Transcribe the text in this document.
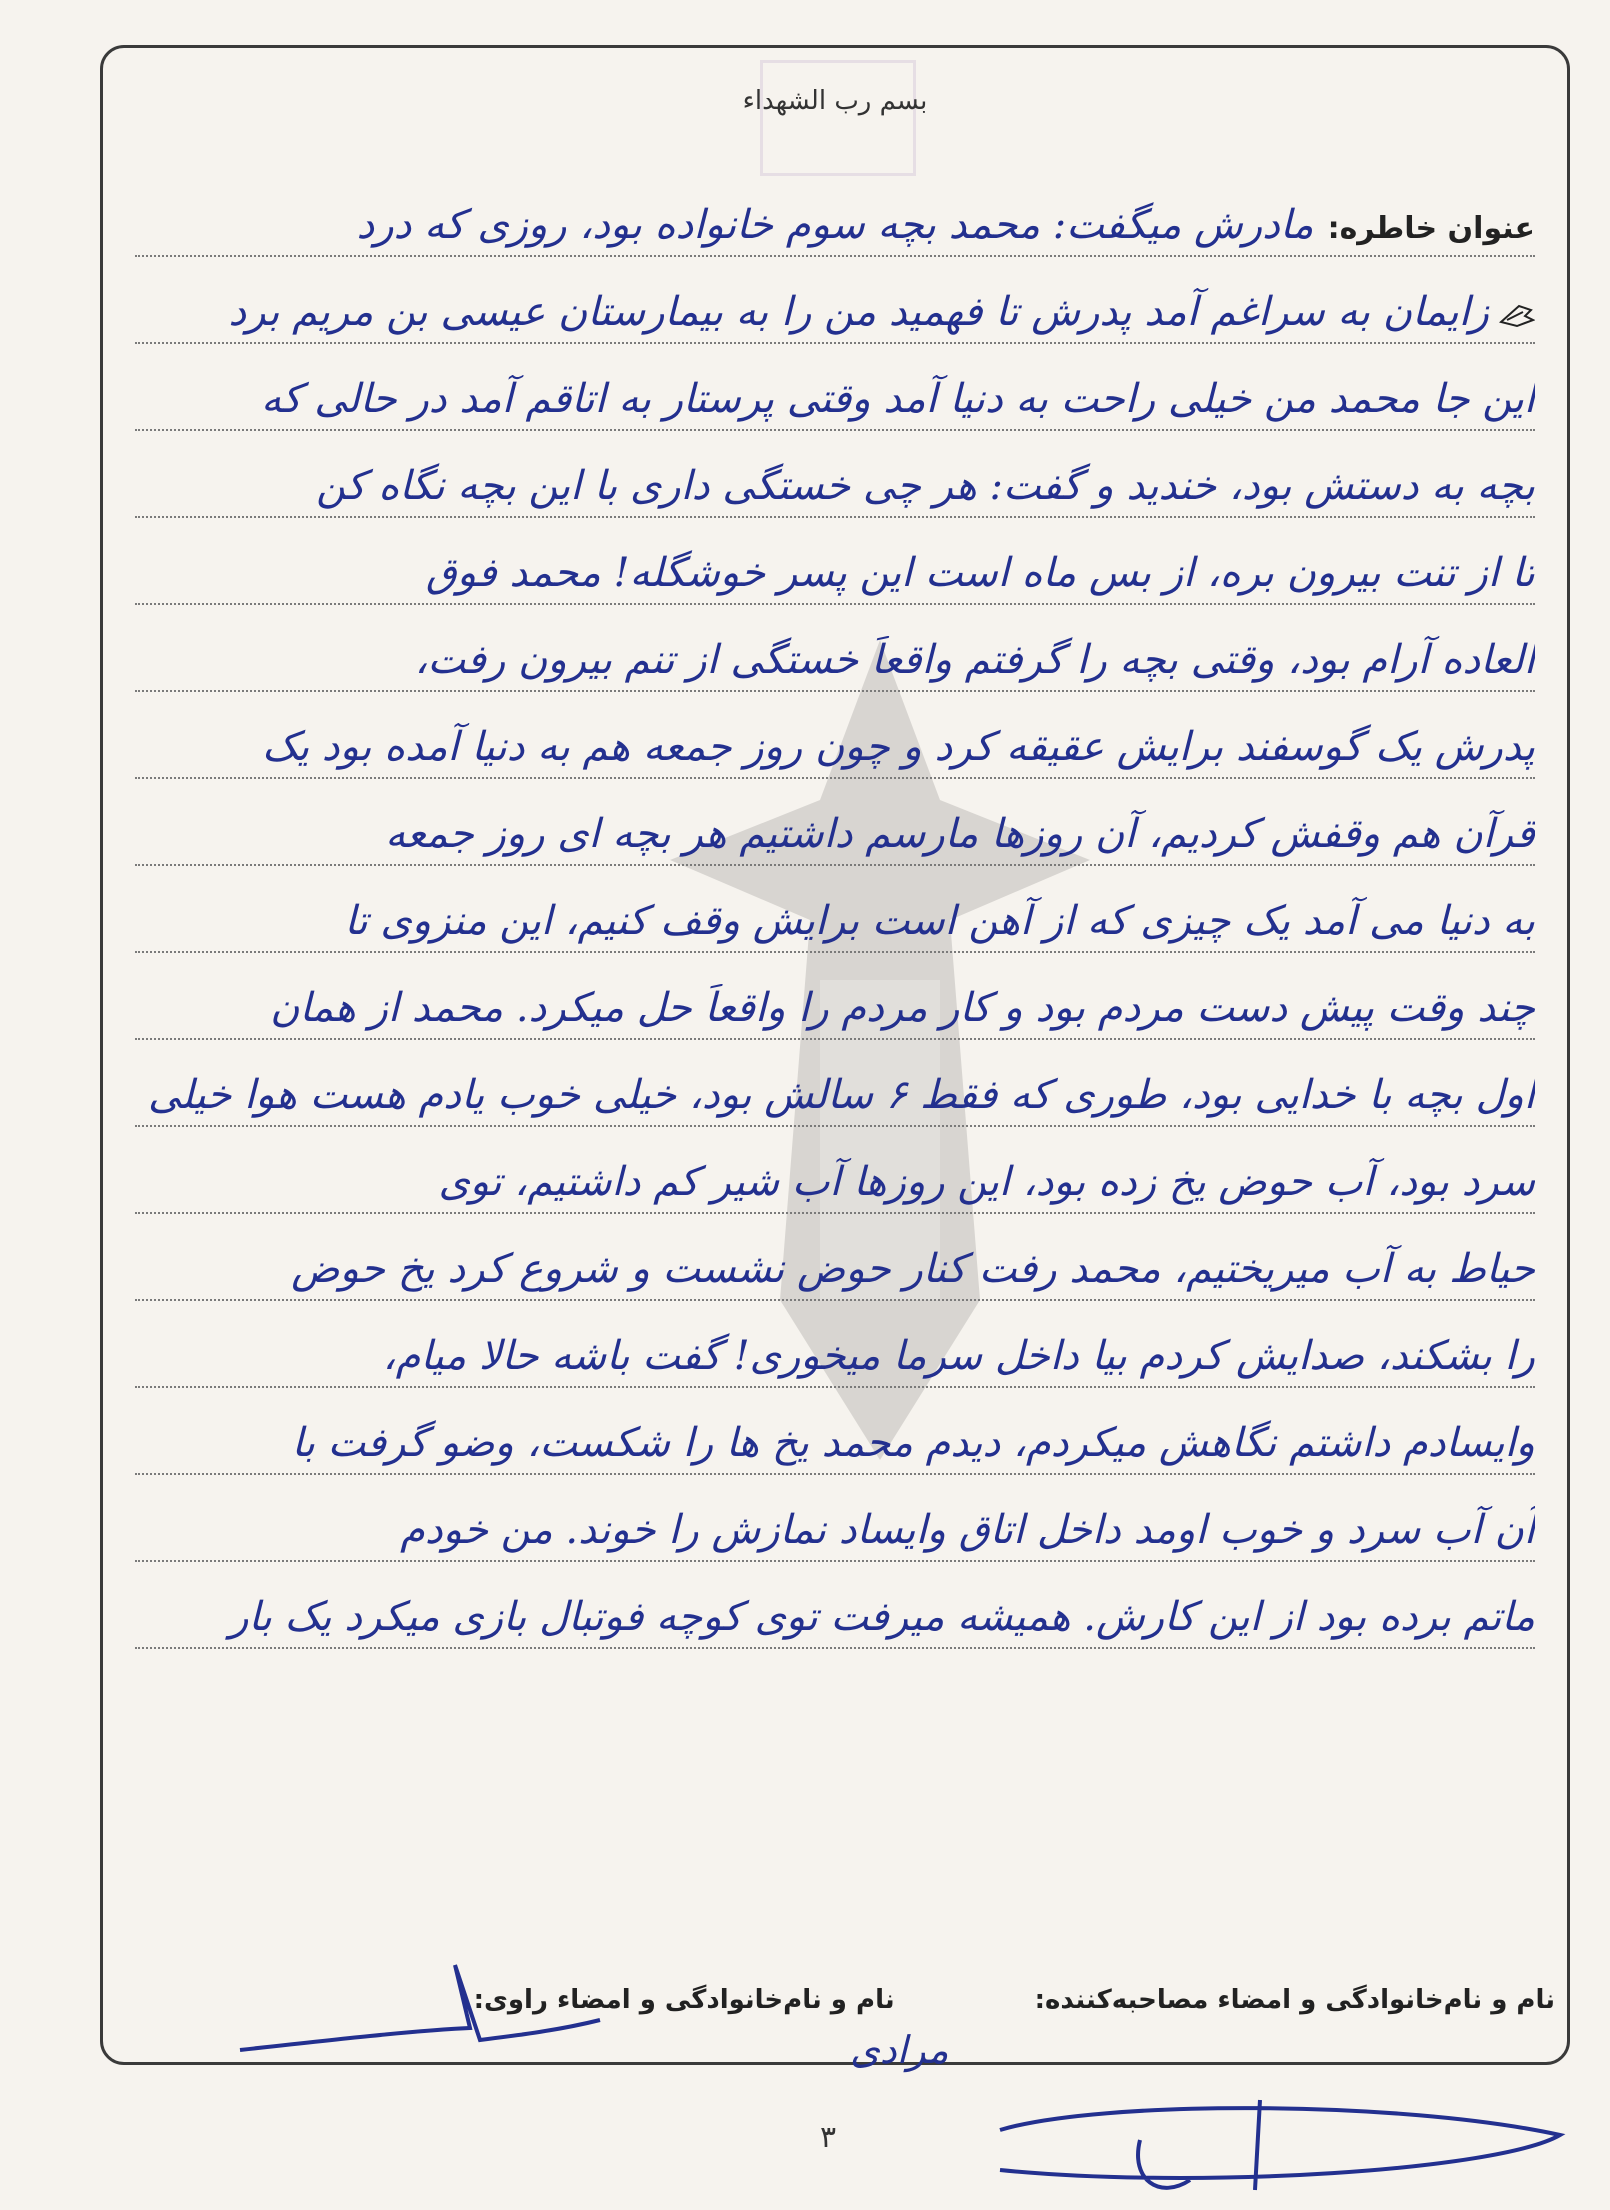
بسم رب الشهداء
عنوان خاطره:مادرش میگفت: محمد بچه سوم خانواده بود، روزی که درد
زایمان به سراغم آمد پدرش تا فهمید من را به بیمارستان عیسی بن مریم برد
این جا محمد من خیلی راحت به دنیا آمد وقتی پرستار به اتاقم آمد در حالی که
بچه به دستش بود، خندید و گفت: هر چی خستگی داری با این بچه نگاه کن
تا از تنت بیرون بره، از بس ماه است این پسر خوشگله! محمد فوق
العاده آرام بود، وقتی بچه را گرفتم واقعاً خستگی از تنم بیرون رفت،
پدرش یک گوسفند برایش عقیقه کرد و چون روز جمعه هم به دنیا آمده بود یک
قرآن هم وقفش کردیم، آن روزها مارسم داشتیم هر بچه ای روز جمعه
به دنیا می آمد یک چیزی که از آهن است برایش وقف کنیم، این منزوی تا
چند وقت پیش دست مردم بود و کار مردم را واقعاً حل میکرد. محمد از همان
اول بچه با خدایی بود، طوری که فقط ۶ سالش بود، خیلی خوب یادم هست هوا خیلی
سرد بود، آب حوض یخ زده بود، این روزها آب شیر کم داشتیم، توی
حیاط به آب میریختیم، محمد رفت کنار حوض نشست و شروع کرد یخ حوض
را بشکند، صدایش کردم بیا داخل سرما میخوری! گفت باشه حالا میام،
وایسادم داشتم نگاهش میکردم، دیدم محمد یخ ها را شکست، وضو گرفت با
آن آب سرد و خوب اومد داخل اتاق وایساد نمازش را خوند. من خودم
ماتم برده بود از این کارش. همیشه میرفت توی کوچه فوتبال بازی میکرد یک بار
نام و نام‌خانوادگی و امضاء مصاحبه‌کننده:
نام و نام‌خانوادگی و امضاء راوی:
مرادی
۳
